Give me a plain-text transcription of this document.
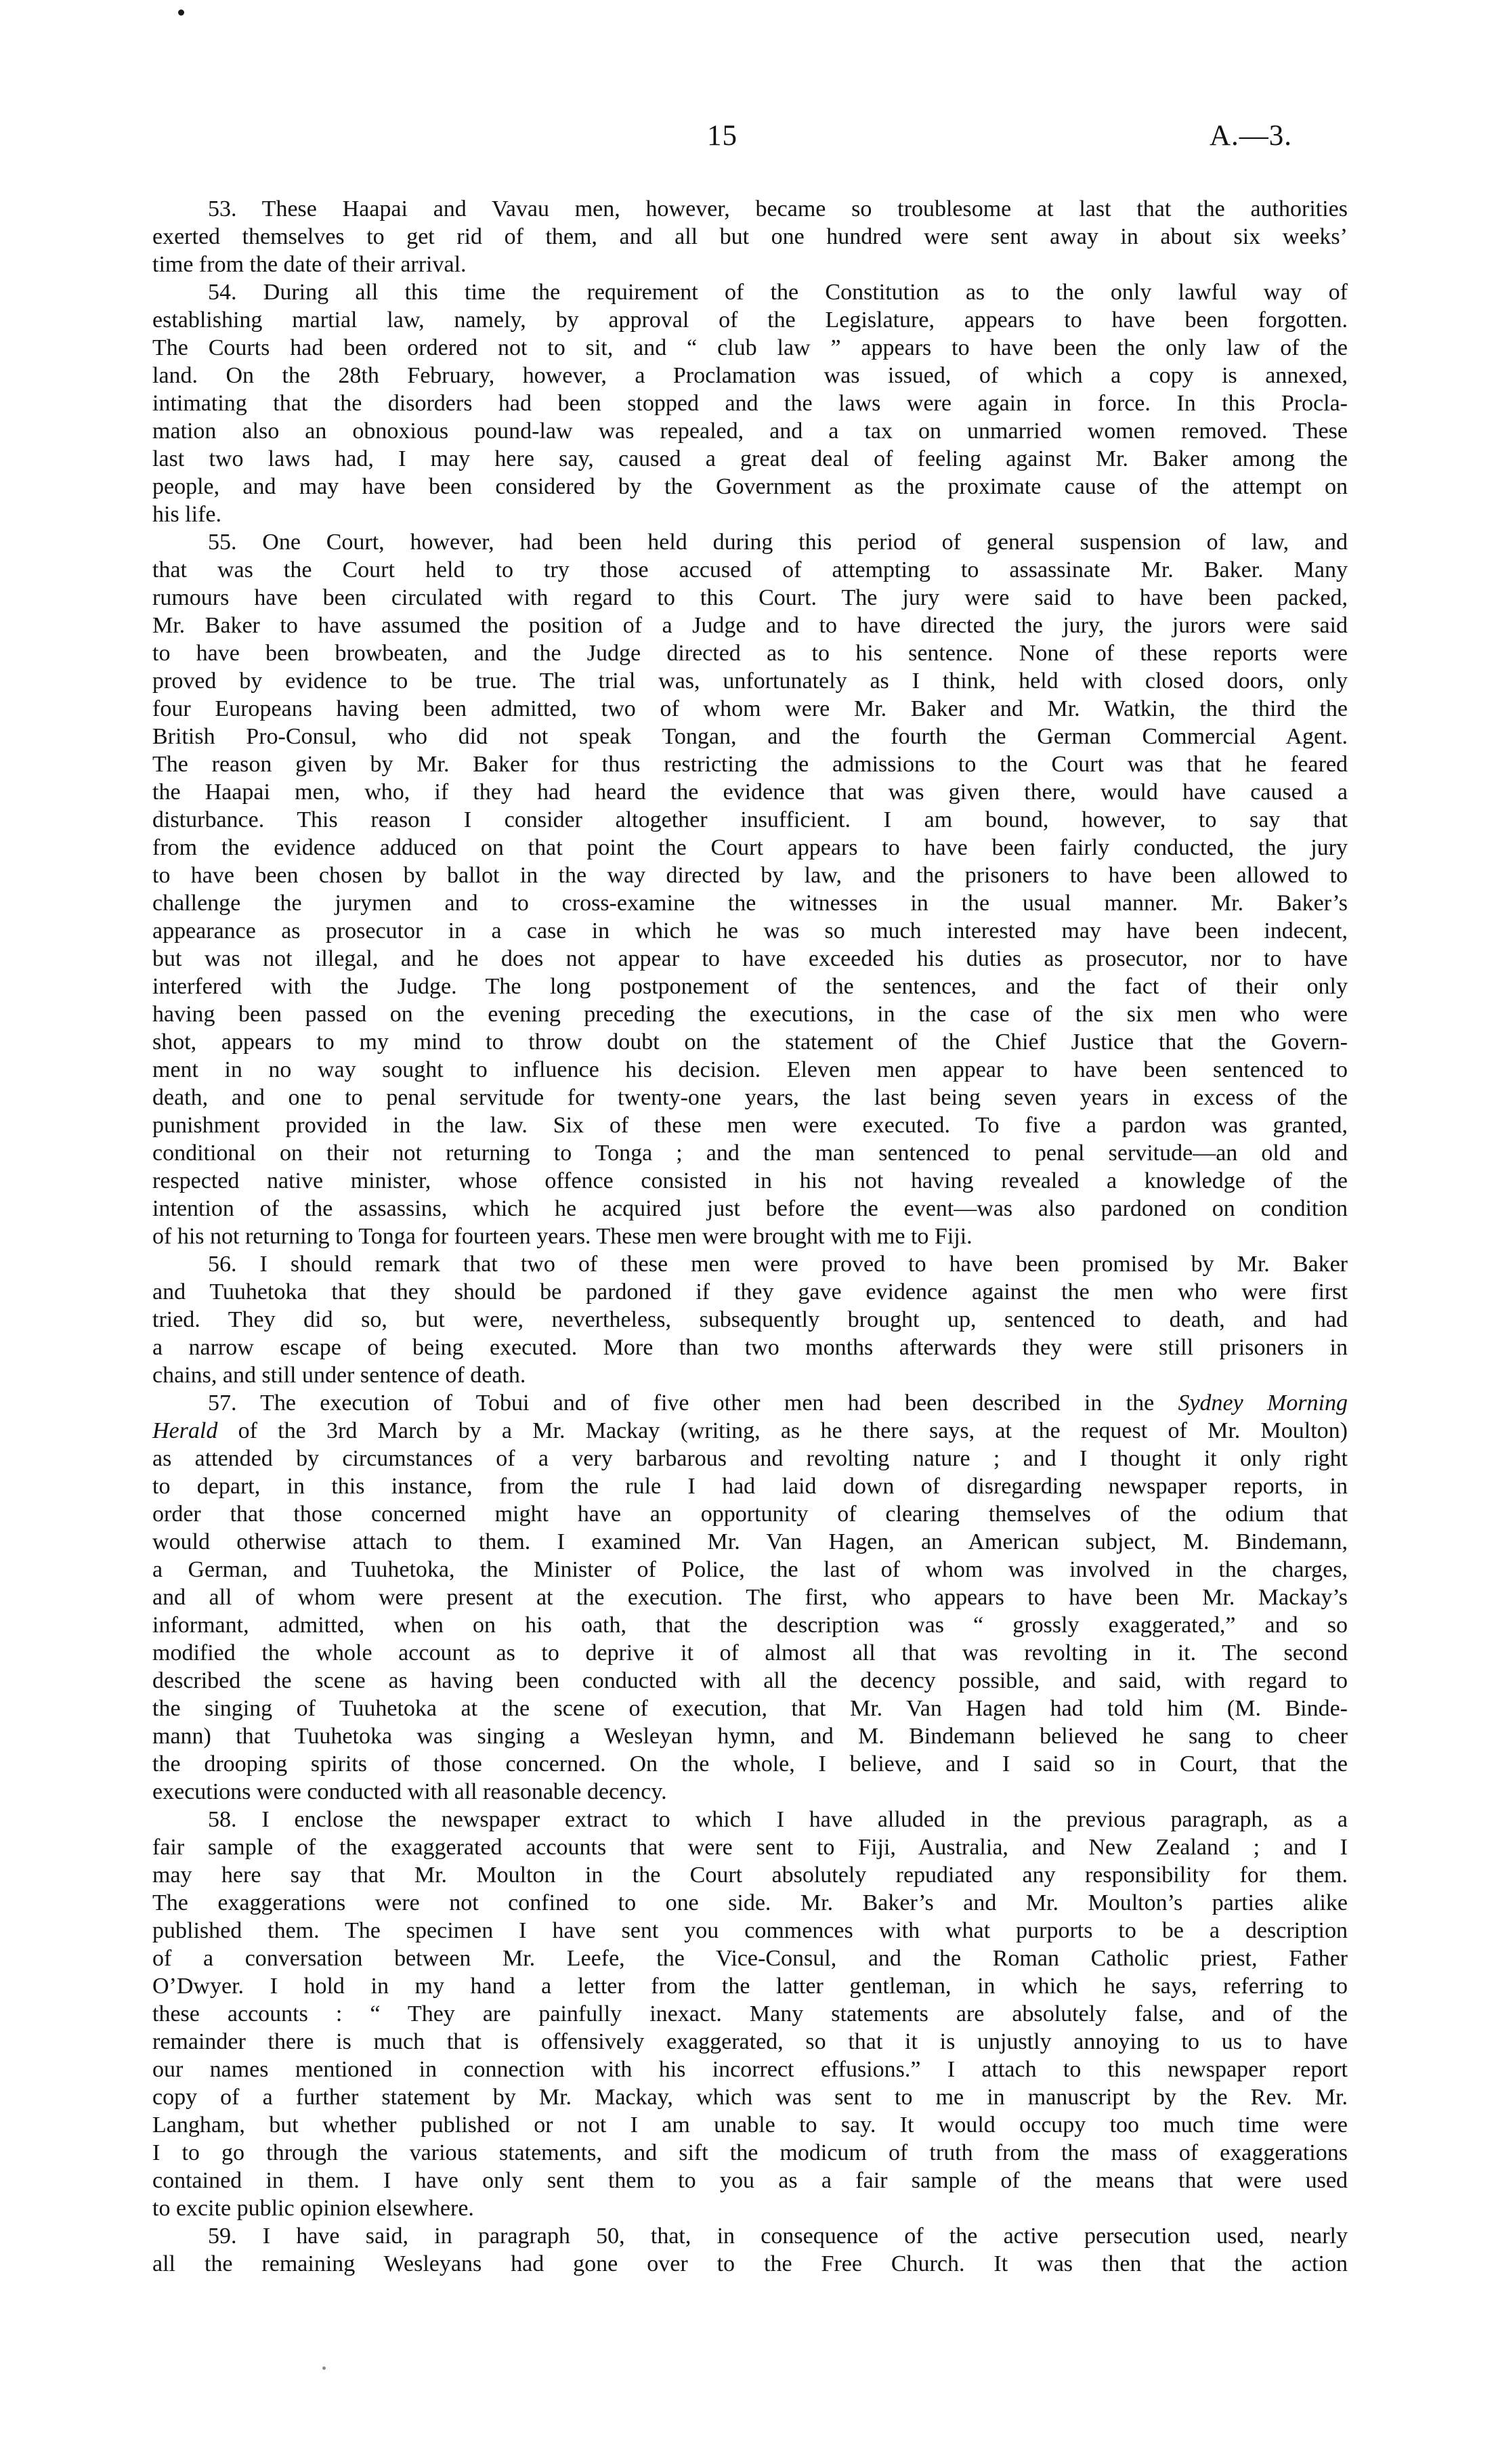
15	A.—3.
53. These Haapai and Vavau men, however, became so troublesome at last that the authorities
exerted themselves to get rid of them, and all but one hundred were sent away in about six weeks’
time from the date of their arrival.
54. During all this time the requirement of the Constitution as to the only lawful way of
establishing martial law, namely, by approval of the Legislature, appears to have been forgotten.
The Courts had been ordered not to sit, and “ club law ” appears to have been the only law of the
land. On the 28th February, however, a Proclamation was issued, of which a copy is annexed,
intimating that the disorders had been stopped and the laws were again in force. In this Procla-
mation also an obnoxious pound-law was repealed, and a tax on unmarried women removed. These
last two laws had, I may here say, caused a great deal of feeling against Mr. Baker among the
people, and may have been considered by the Government as the proximate cause of the attempt on
his life.
55. One Court, however, had been held during this period of general suspension of law, and
that was the Court held to try those accused of attempting to assassinate Mr. Baker. Many
rumours have been circulated with regard to this Court. The jury were said to have been packed,
Mr. Baker to have assumed the position of a Judge and to have directed the jury, the jurors were said
to have been browbeaten, and the Judge directed as to his sentence. None of these reports were
proved by evidence to be true. The trial was, unfortunately as I think, held with closed doors, only
four Europeans having been admitted, two of whom were Mr. Baker and Mr. Watkin, the third the
British Pro-Consul, who did not speak Tongan, and the fourth the German Commercial Agent.
The reason given by Mr. Baker for thus restricting the admissions to the Court was that he feared
the Haapai men, who, if they had heard the evidence that was given there, would have caused a
disturbance. This reason I consider altogether insufficient. I am bound, however, to say that
from the evidence adduced on that point the Court appears to have been fairly conducted, the jury
to have been chosen by ballot in the way directed by law, and the prisoners to have been allowed to
challenge the jurymen and to cross-examine the witnesses in the usual manner. Mr. Baker’s
appearance as prosecutor in a case in which he was so much interested may have been indecent,
but was not illegal, and he does not appear to have exceeded his duties as prosecutor, nor to have
interfered with the Judge. The long postponement of the sentences, and the fact of their only
having been passed on the evening preceding the executions, in the case of the six men who were
shot, appears to my mind to throw doubt on the statement of the Chief Justice that the Govern-
ment in no way sought to influence his decision. Eleven men appear to have been sentenced to
death, and one to penal servitude for twenty-one years, the last being seven years in excess of the
punishment provided in the law. Six of these men were executed. To five a pardon was granted,
conditional on their not returning to Tonga ; and the man sentenced to penal servitude—an old and
respected native minister, whose offence consisted in his not having revealed a knowledge of the
intention of the assassins, which he acquired just before the event—was also pardoned on condition
of his not returning to Tonga for fourteen years. These men were brought with me to Fiji.
56. I should remark that two of these men were proved to have been promised by Mr. Baker
and Tuuhetoka that they should be pardoned if they gave evidence against the men who were first
tried. They did so, but were, nevertheless, subsequently brought up, sentenced to death, and had
a narrow escape of being executed. More than two months afterwards they were still prisoners in
chains, and still under sentence of death.
57. The execution of Tobui and of five other men had been described in the Sydney Morning
Herald of the 3rd March by a Mr. Mackay (writing, as he there says, at the request of Mr. Moulton)
as attended by circumstances of a very barbarous and revolting nature ; and I thought it only right
to depart, in this instance, from the rule I had laid down of disregarding newspaper reports, in
order that those concerned might have an opportunity of clearing themselves of the odium that
would otherwise attach to them. I examined Mr. Van Hagen, an American subject, M. Bindemann,
a German, and Tuuhetoka, the Minister of Police, the last of whom was involved in the charges,
and all of whom were present at the execution. The first, who appears to have been Mr. Mackay’s
informant, admitted, when on his oath, that the description was “ grossly exaggerated,” and so
modified the whole account as to deprive it of almost all that was revolting in it. The second
described the scene as having been conducted with all the decency possible, and said, with regard to
the singing of Tuuhetoka at the scene of execution, that Mr. Van Hagen had told him (M. Binde-
mann) that Tuuhetoka was singing a Wesleyan hymn, and M. Bindemann believed he sang to cheer
the drooping spirits of those concerned. On the whole, I believe, and I said so in Court, that the
executions were conducted with all reasonable decency.
58. I enclose the newspaper extract to which I have alluded in the previous paragraph, as a
fair sample of the exaggerated accounts that were sent to Fiji, Australia, and New Zealand ; and I
may here say that Mr. Moulton in the Court absolutely repudiated any responsibility for them.
The exaggerations were not confined to one side. Mr. Baker’s and Mr. Moulton’s parties alike
published them. The specimen I have sent you commences with what purports to be a description
of a conversation between Mr. Leefe, the Vice-Consul, and the Roman Catholic priest, Father
O’Dwyer. I hold in my hand a letter from the latter gentleman, in which he says, referring to
these accounts : “ They are painfully inexact. Many statements are absolutely false, and of the
remainder there is much that is offensively exaggerated, so that it is unjustly annoying to us to have
our names mentioned in connection with his incorrect effusions.” I attach to this newspaper report
copy of a further statement by Mr. Mackay, which was sent to me in manuscript by the Rev. Mr.
Langham, but whether published or not I am unable to say. It would occupy too much time were
I to go through the various statements, and sift the modicum of truth from the mass of exaggerations
contained in them. I have only sent them to you as a fair sample of the means that were used
to excite public opinion elsewhere.
59. I have said, in paragraph 50, that, in consequence of the active persecution used, nearly
all the remaining Wesleyans had gone over to the Free Church. It was then that the action
